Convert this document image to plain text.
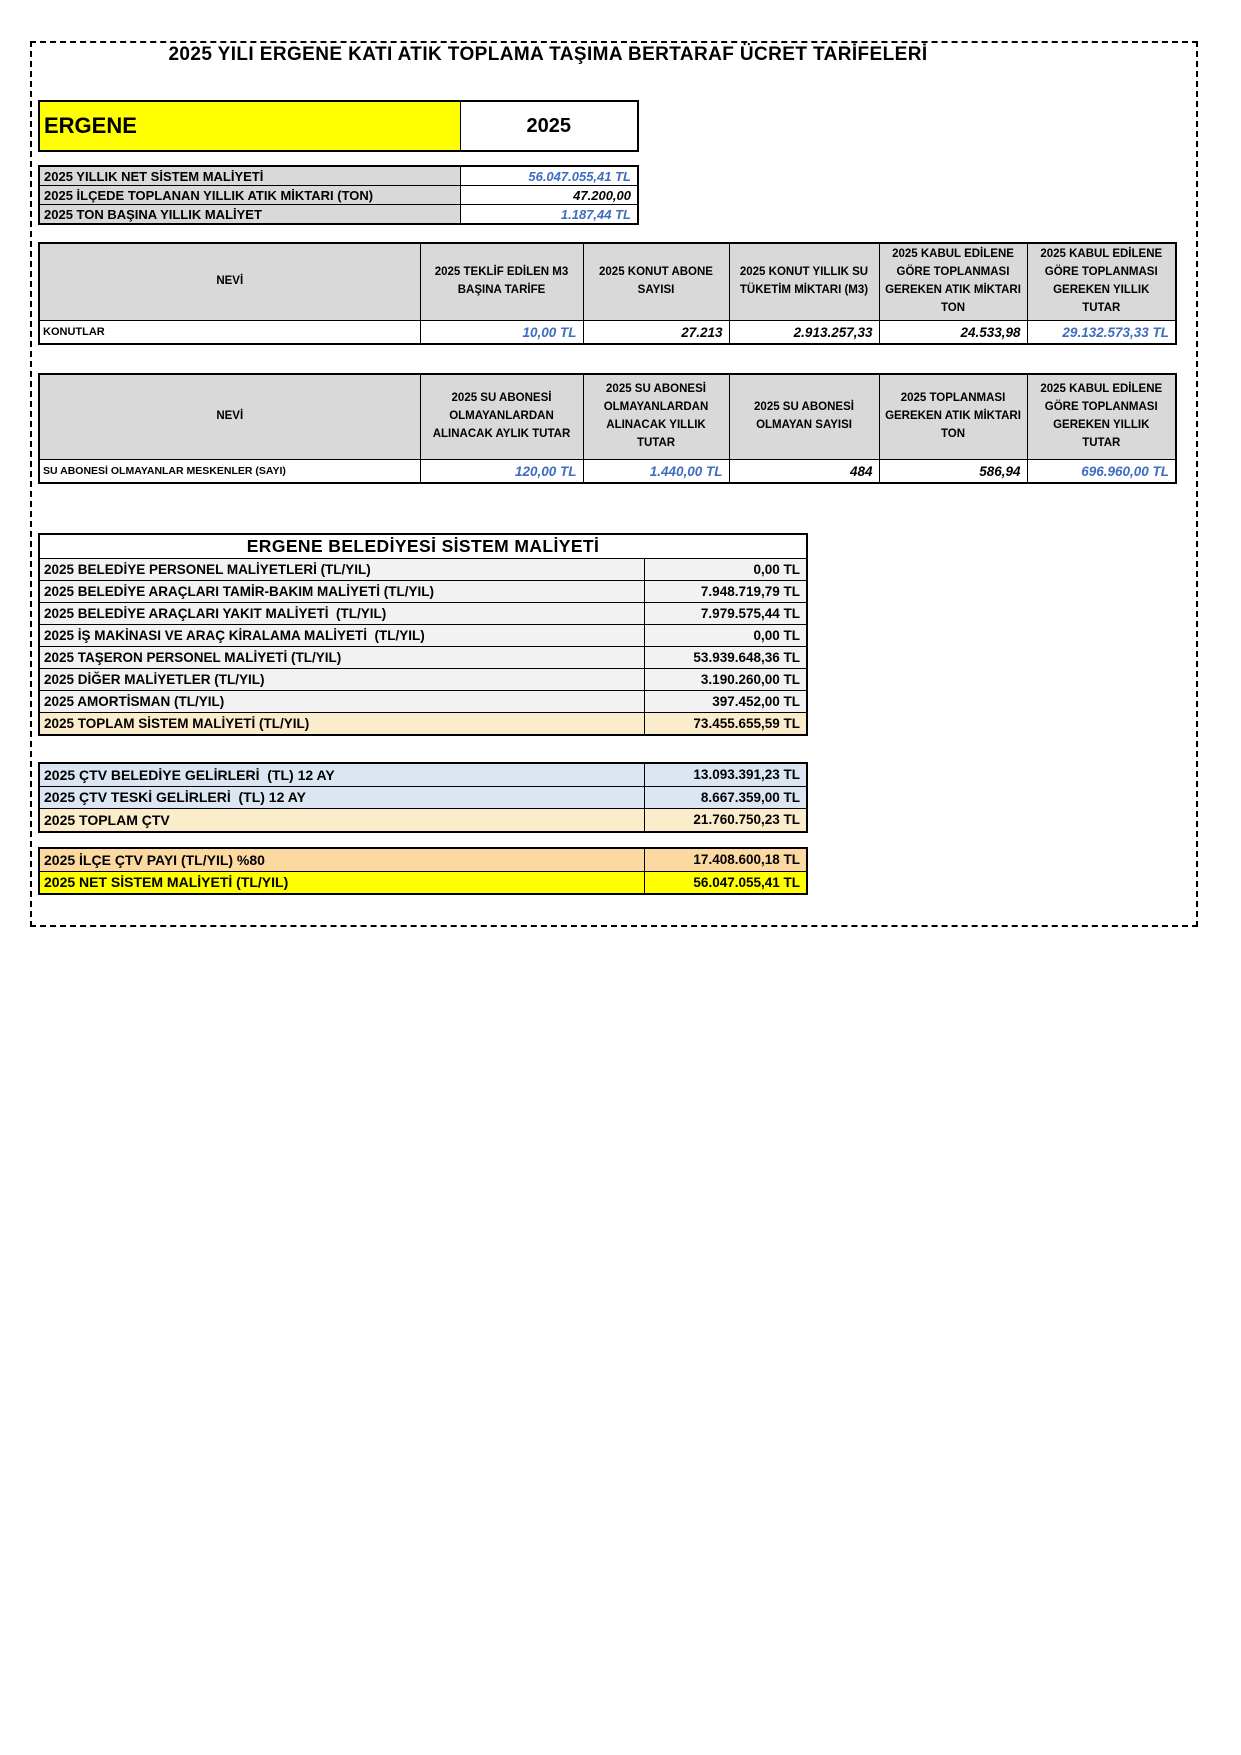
2025 YILI ERGENE KATI ATIK TOPLAMA TAŞIMA BERTARAF ÜCRET TARİFELERİ
ERGENE	2025
2025 YILLIK NET SİSTEM MALİYETİ	56.047.055,41 TL
2025 İLÇEDE TOPLANAN YILLIK ATIK MİKTARI (TON)	47.200,00
2025 TON BAŞINA YILLIK MALİYET	1.187,44 TL
NEVİ	2025 TEKLİF EDİLEN M3 BAŞINA TARİFE	2025 KONUT ABONE SAYISI	2025 KONUT YILLIK SU TÜKETİM MİKTARI (M3)	2025 KABUL EDİLENE GÖRE TOPLANMASI GEREKEN ATIK MİKTARI TON	2025 KABUL EDİLENE GÖRE TOPLANMASI GEREKEN YILLIK TUTAR
KONUTLAR	10,00 TL	27.213	2.913.257,33	24.533,98	29.132.573,33 TL
NEVİ	2025 SU ABONESİ OLMAYANLARDAN ALINACAK AYLIK TUTAR	2025 SU ABONESİ OLMAYANLARDAN ALINACAK YILLIK TUTAR	2025 SU ABONESİ OLMAYAN SAYISI	2025 TOPLANMASI GEREKEN ATIK MİKTARI TON	2025 KABUL EDİLENE GÖRE TOPLANMASI GEREKEN YILLIK TUTAR
SU ABONESİ OLMAYANLAR MESKENLER (SAYI)	120,00 TL	1.440,00 TL	484	586,94	696.960,00 TL
ERGENE BELEDİYESİ SİSTEM MALİYETİ	
2025 BELEDİYE PERSONEL MALİYETLERİ (TL/YIL)	0,00 TL
2025 BELEDİYE ARAÇLARI TAMİR-BAKIM MALİYETİ (TL/YIL)	7.948.719,79 TL
2025 BELEDİYE ARAÇLARI YAKIT MALİYETİ  (TL/YIL)	7.979.575,44 TL
2025 İŞ MAKİNASI VE ARAÇ KİRALAMA MALİYETİ  (TL/YIL)	0,00 TL
2025 TAŞERON PERSONEL MALİYETİ (TL/YIL)	53.939.648,36 TL
2025 DİĞER MALİYETLER (TL/YIL)	3.190.260,00 TL
2025 AMORTİSMAN (TL/YIL)	397.452,00 TL
2025 TOPLAM SİSTEM MALİYETİ (TL/YIL)	73.455.655,59 TL
2025 ÇTV BELEDİYE GELİRLERİ  (TL) 12 AY	13.093.391,23 TL
2025 ÇTV TESKİ GELİRLERİ  (TL) 12 AY	8.667.359,00 TL
2025 TOPLAM ÇTV	21.760.750,23 TL
2025 İLÇE ÇTV PAYI (TL/YIL) %80	17.408.600,18 TL
2025 NET SİSTEM MALİYETİ (TL/YIL)	56.047.055,41 TL
